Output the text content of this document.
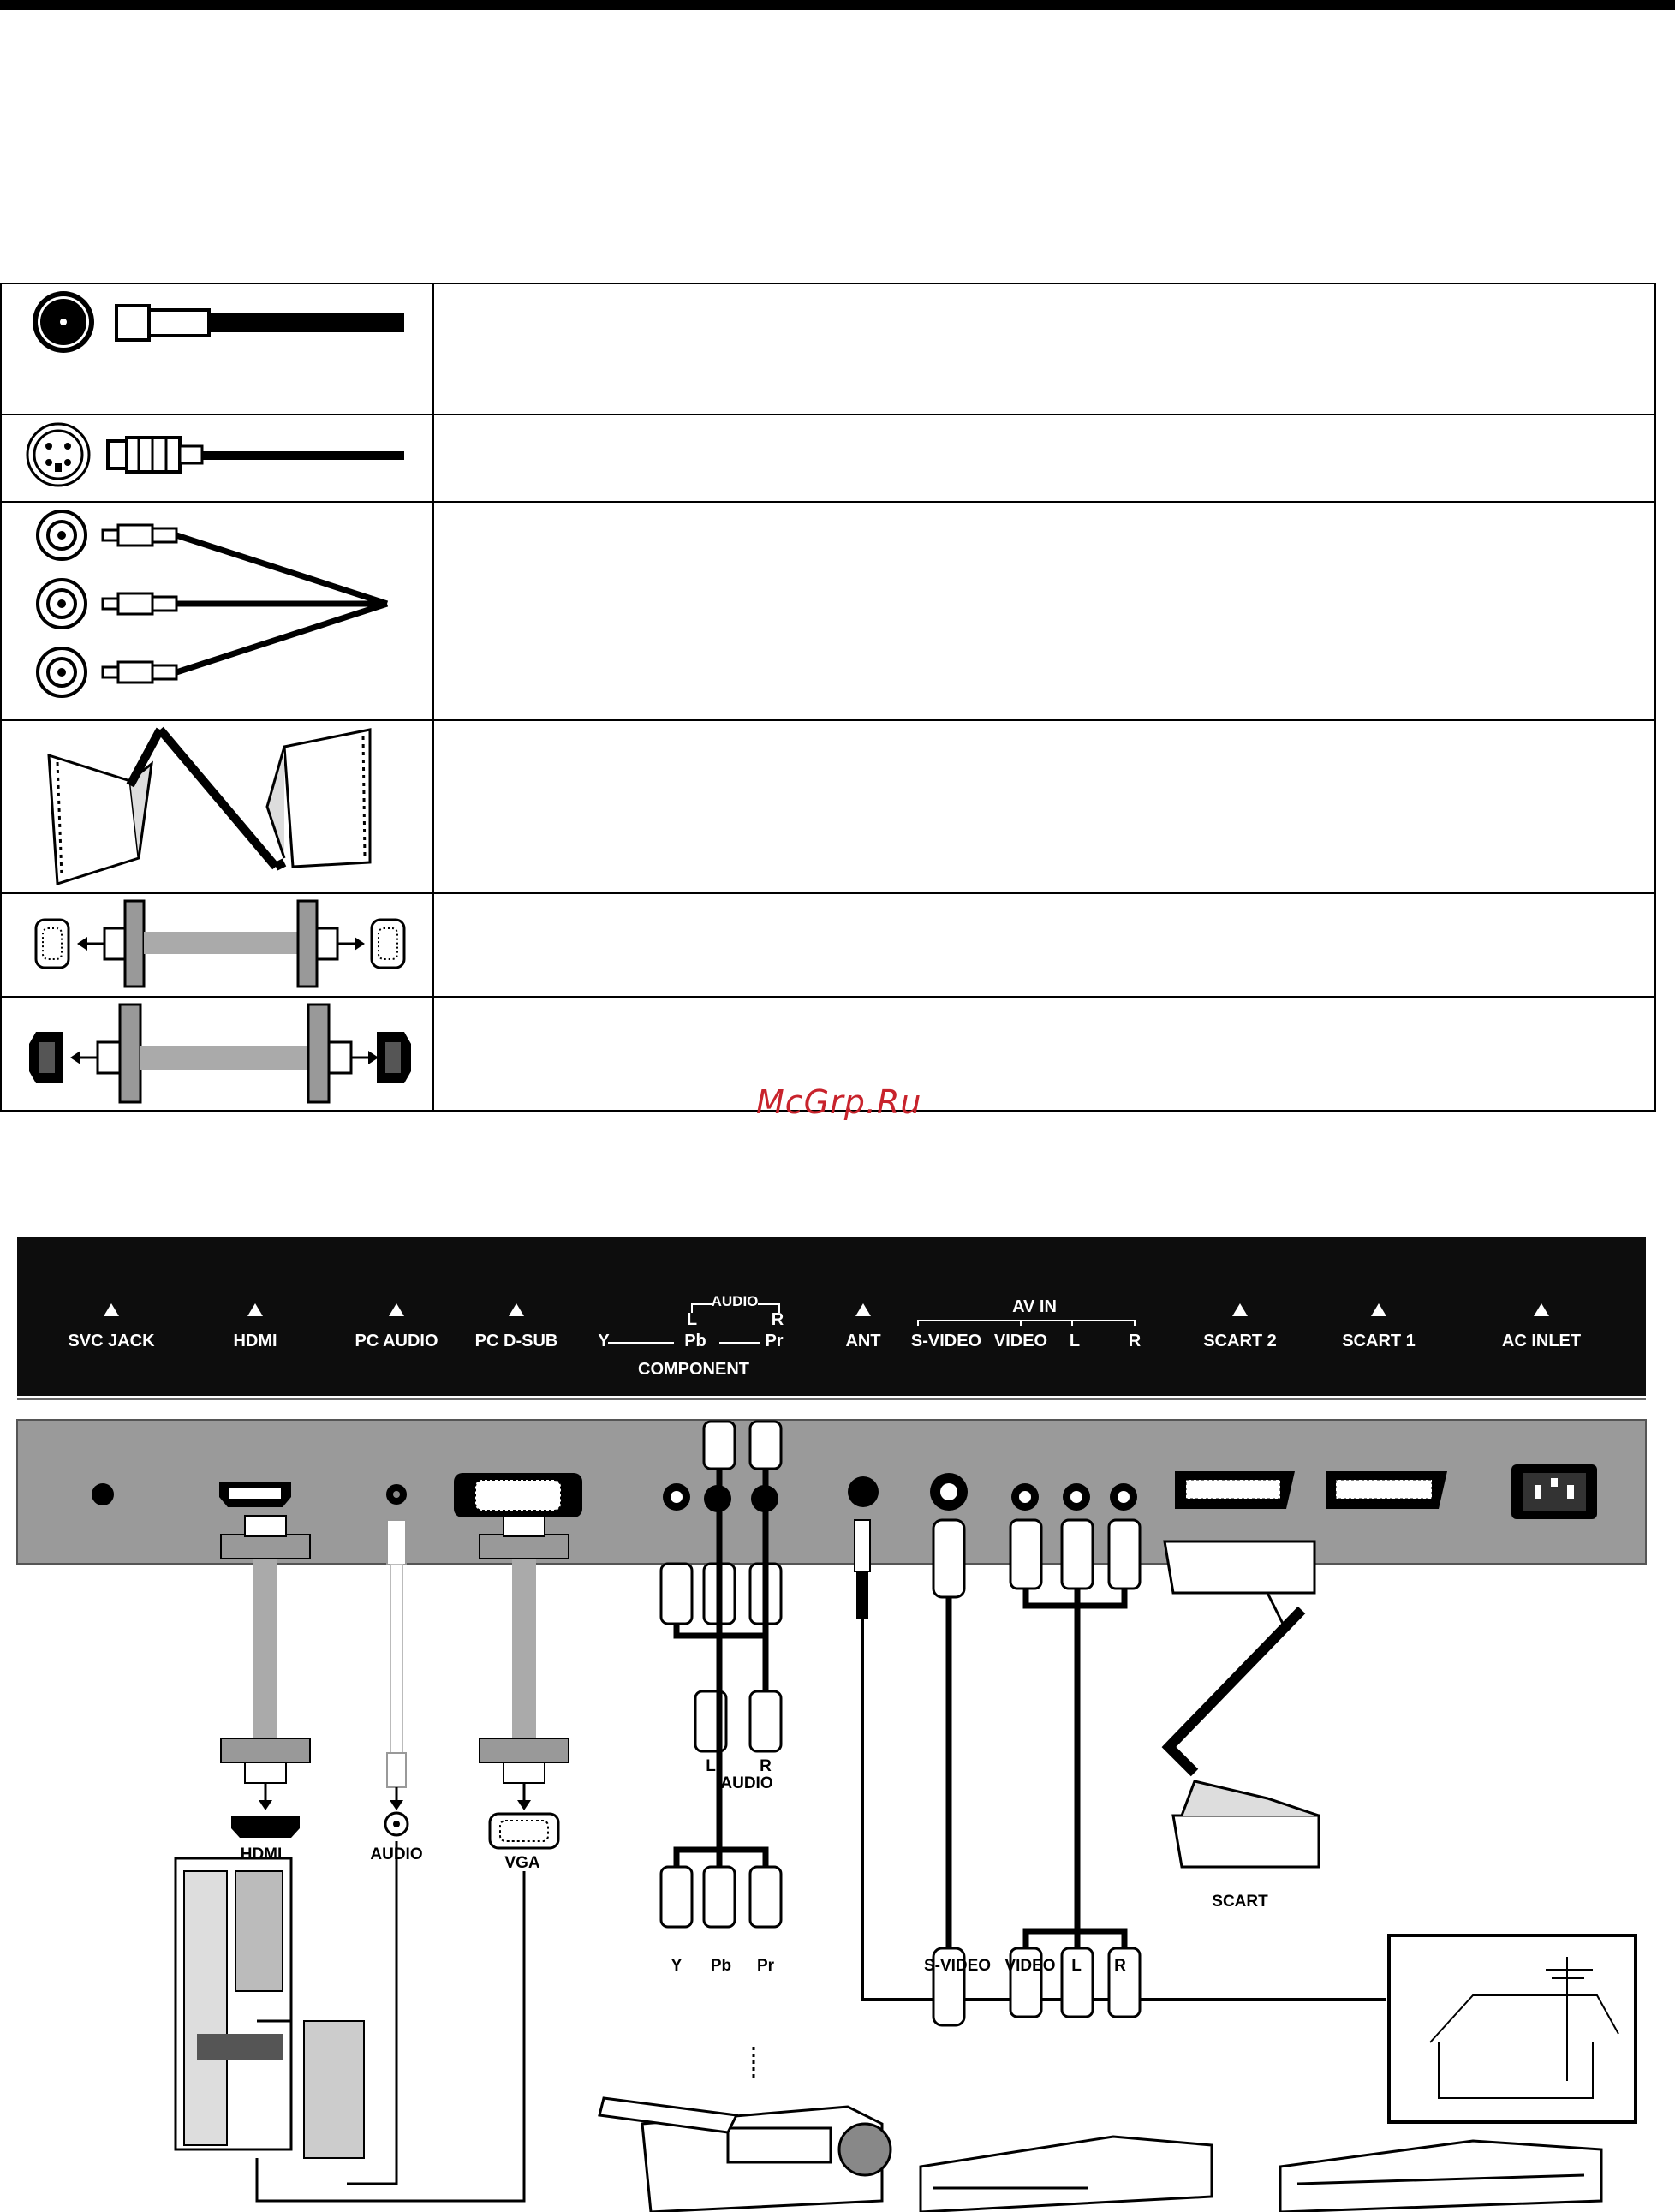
McGrp.Ru
SVC JACK	HDMI	PC AUDIO PC D-SUB
AUDIO
L	R
Y	Pb	Pr
COMPONENT
ANT
AV IN
S-VIDEO VIDEO L	R	SCART 2	SCART 1	AC INLET
HDMI	AUDIO	VGA
L	R
AUDIO
Y Pb Pr	S-VIDEO VIDEO L R
SCART
